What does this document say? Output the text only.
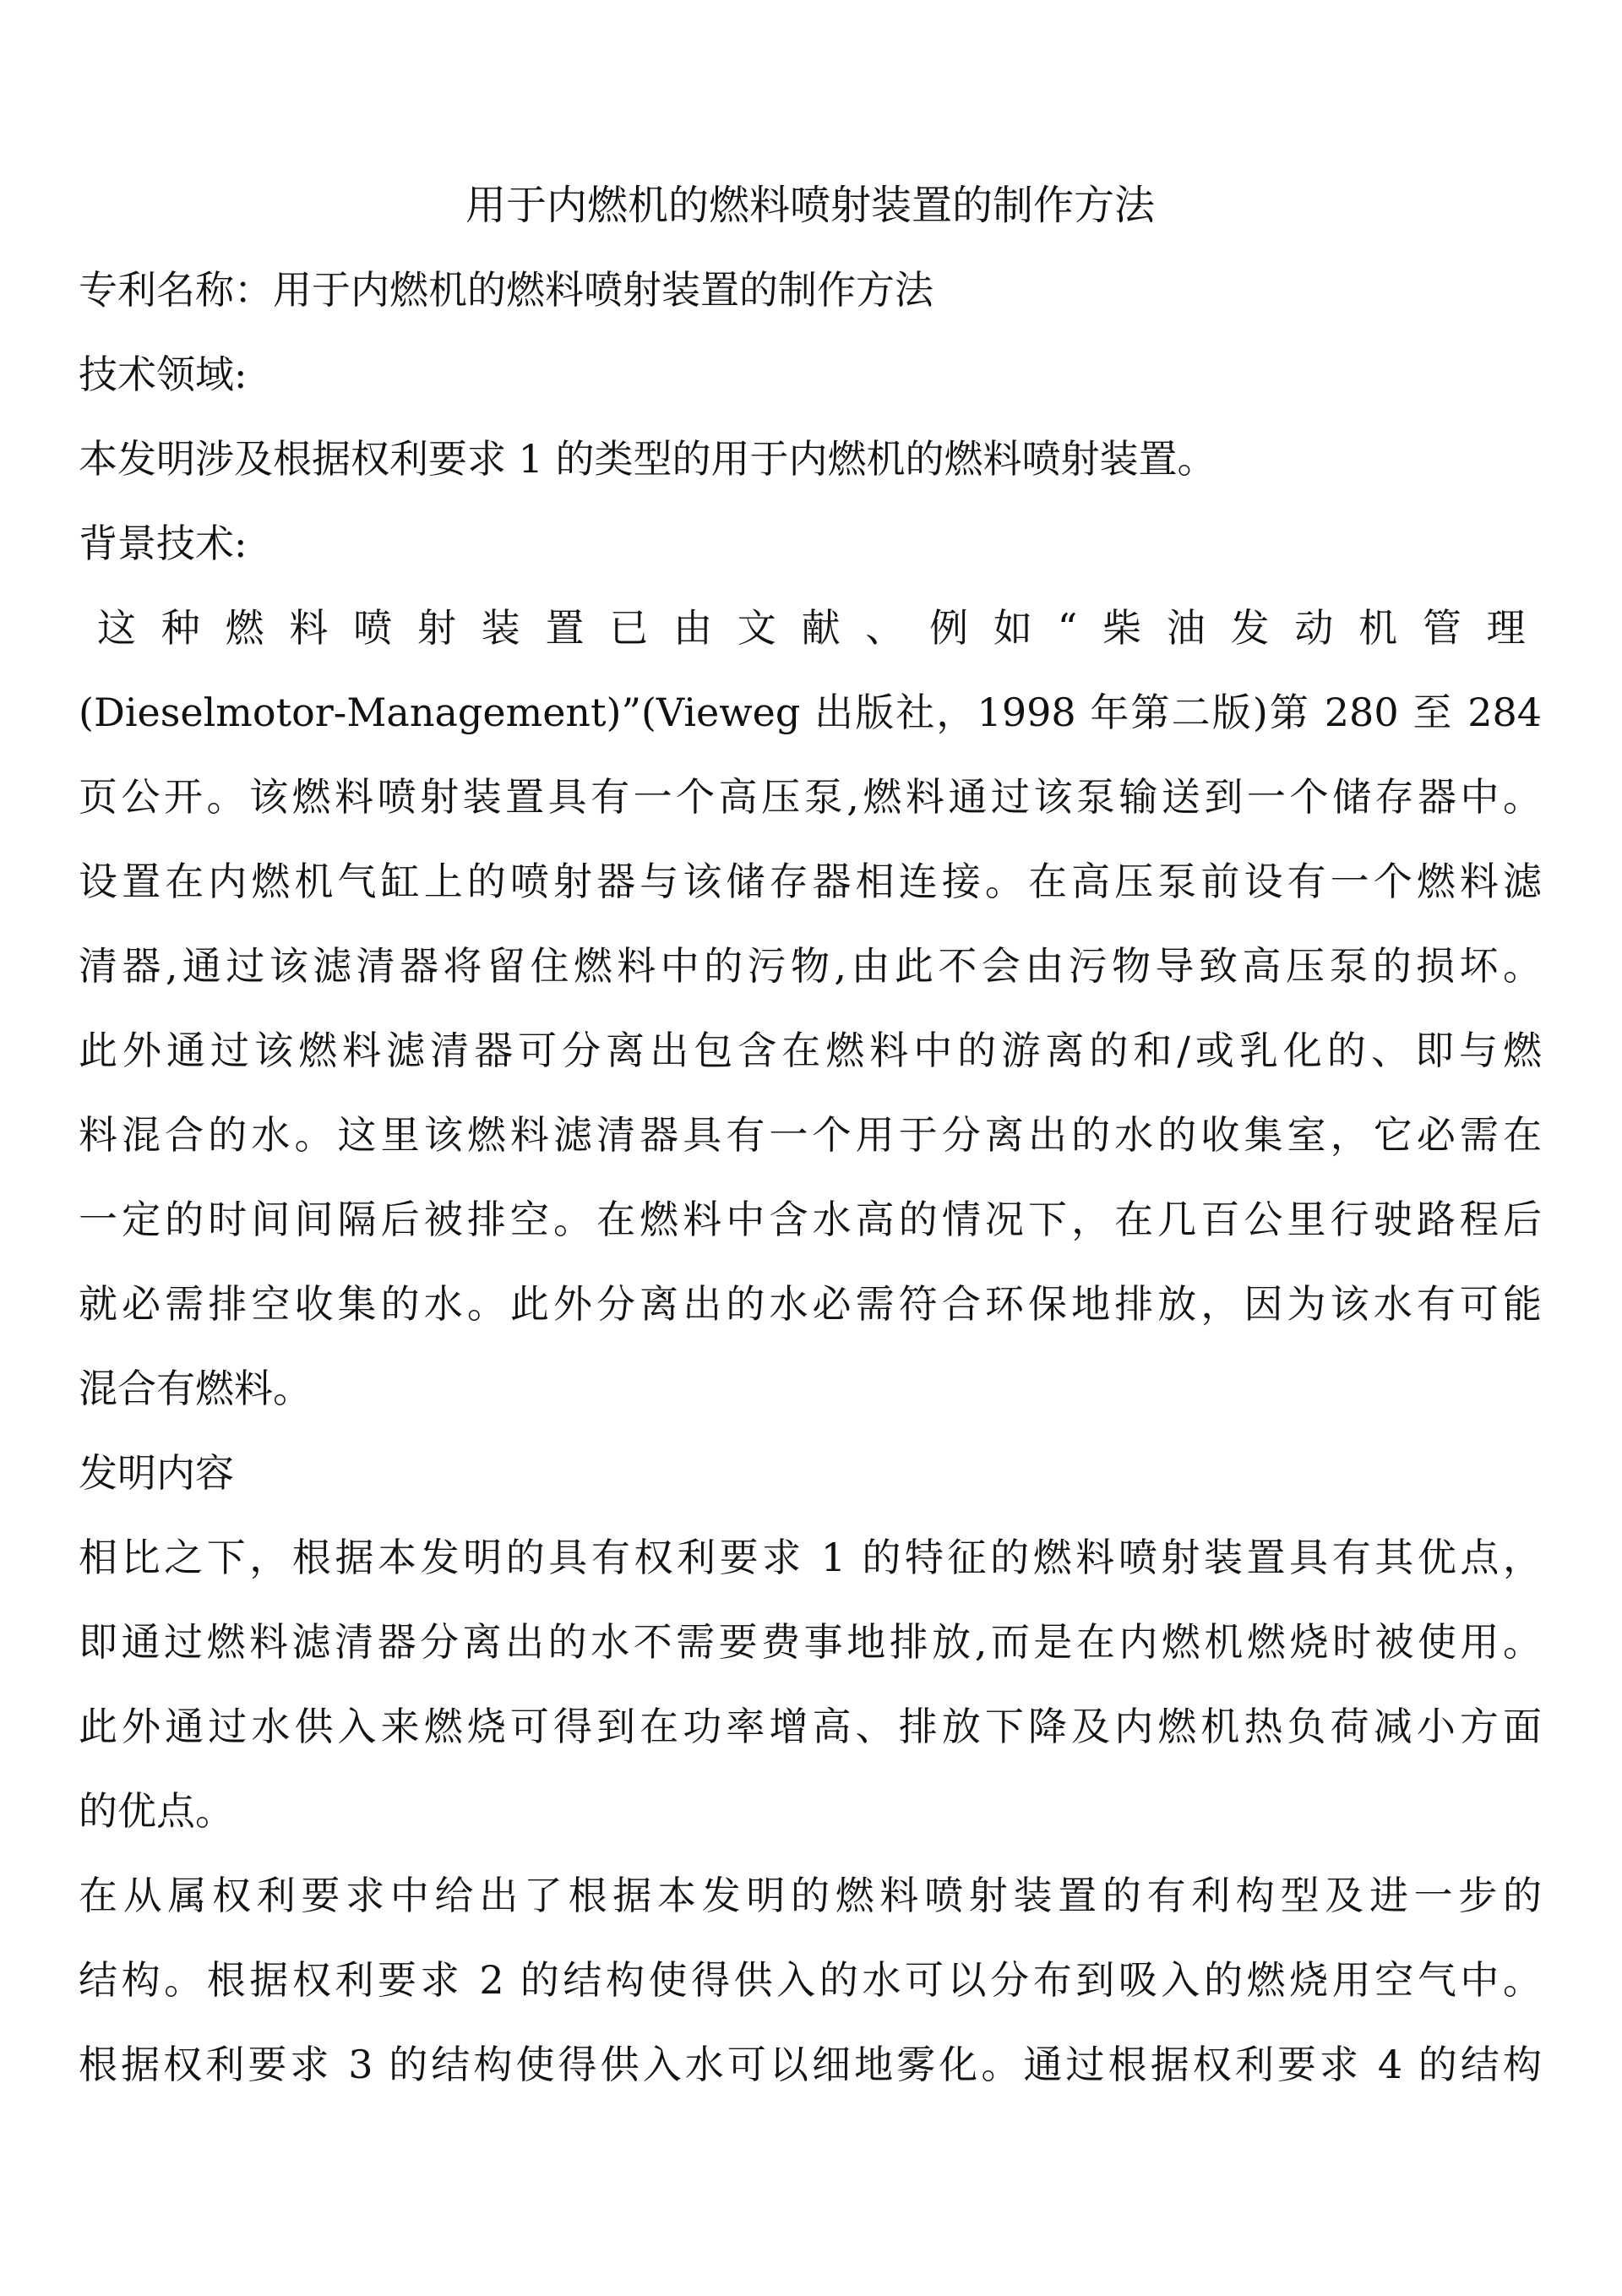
用于内燃机的燃料喷射装置的制作方法

专利名称：用于内燃机的燃料喷射装置的制作方法

技术领域:

本发明涉及根据权利要求 1 的类型的用于内燃机的燃料喷射装置。

背景技术:

这种燃料喷射装置已由文献、例如“柴油发动机管理

(Dieselmotor-Management)”(Vieweg 出版社，1998 年第二版)第 280 至 284

页公开。该燃料喷射装置具有一个高压泵,燃料通过该泵输送到一个储存器中。

设置在内燃机气缸上的喷射器与该储存器相连接。在高压泵前设有一个燃料滤

清器,通过该滤清器将留住燃料中的污物,由此不会由污物导致高压泵的损坏。

此外通过该燃料滤清器可分离出包含在燃料中的游离的和/或乳化的、即与燃

料混合的水。这里该燃料滤清器具有一个用于分离出的水的收集室，它必需在

一定的时间间隔后被排空。在燃料中含水高的情况下，在几百公里行驶路程后

就必需排空收集的水。此外分离出的水必需符合环保地排放，因为该水有可能

混合有燃料。

发明内容

相比之下，根据本发明的具有权利要求 1 的特征的燃料喷射装置具有其优点，

即通过燃料滤清器分离出的水不需要费事地排放,而是在内燃机燃烧时被使用。

此外通过水供入来燃烧可得到在功率增高、排放下降及内燃机热负荷减小方面

的优点。

在从属权利要求中给出了根据本发明的燃料喷射装置的有利构型及进一步的

结构。根据权利要求 2 的结构使得供入的水可以分布到吸入的燃烧用空气中。

根据权利要求 3 的结构使得供入水可以细地雾化。通过根据权利要求 4 的结构
